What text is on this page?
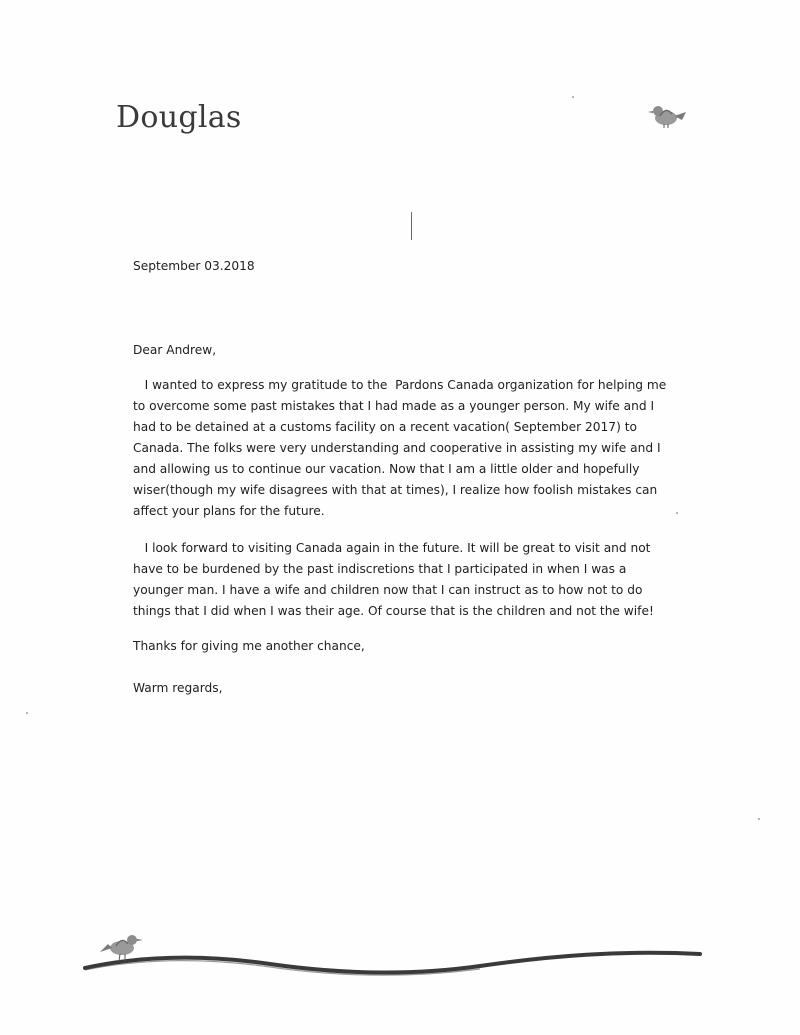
Douglas
September 03.2018
Dear Andrew,
I wanted to express my gratitude to the  Pardons Canada organization for helping me
to overcome some past mistakes that I had made as a younger person. My wife and I
had to be detained at a customs facility on a recent vacation( September 2017) to
Canada. The folks were very understanding and cooperative in assisting my wife and I
and allowing us to continue our vacation. Now that I am a little older and hopefully
wiser(though my wife disagrees with that at times), I realize how foolish mistakes can
affect your plans for the future.
I look forward to visiting Canada again in the future. It will be great to visit and not
have to be burdened by the past indiscretions that I participated in when I was a
younger man. I have a wife and children now that I can instruct as to how not to do
things that I did when I was their age. Of course that is the children and not the wife!
Thanks for giving me another chance,
Warm regards,
